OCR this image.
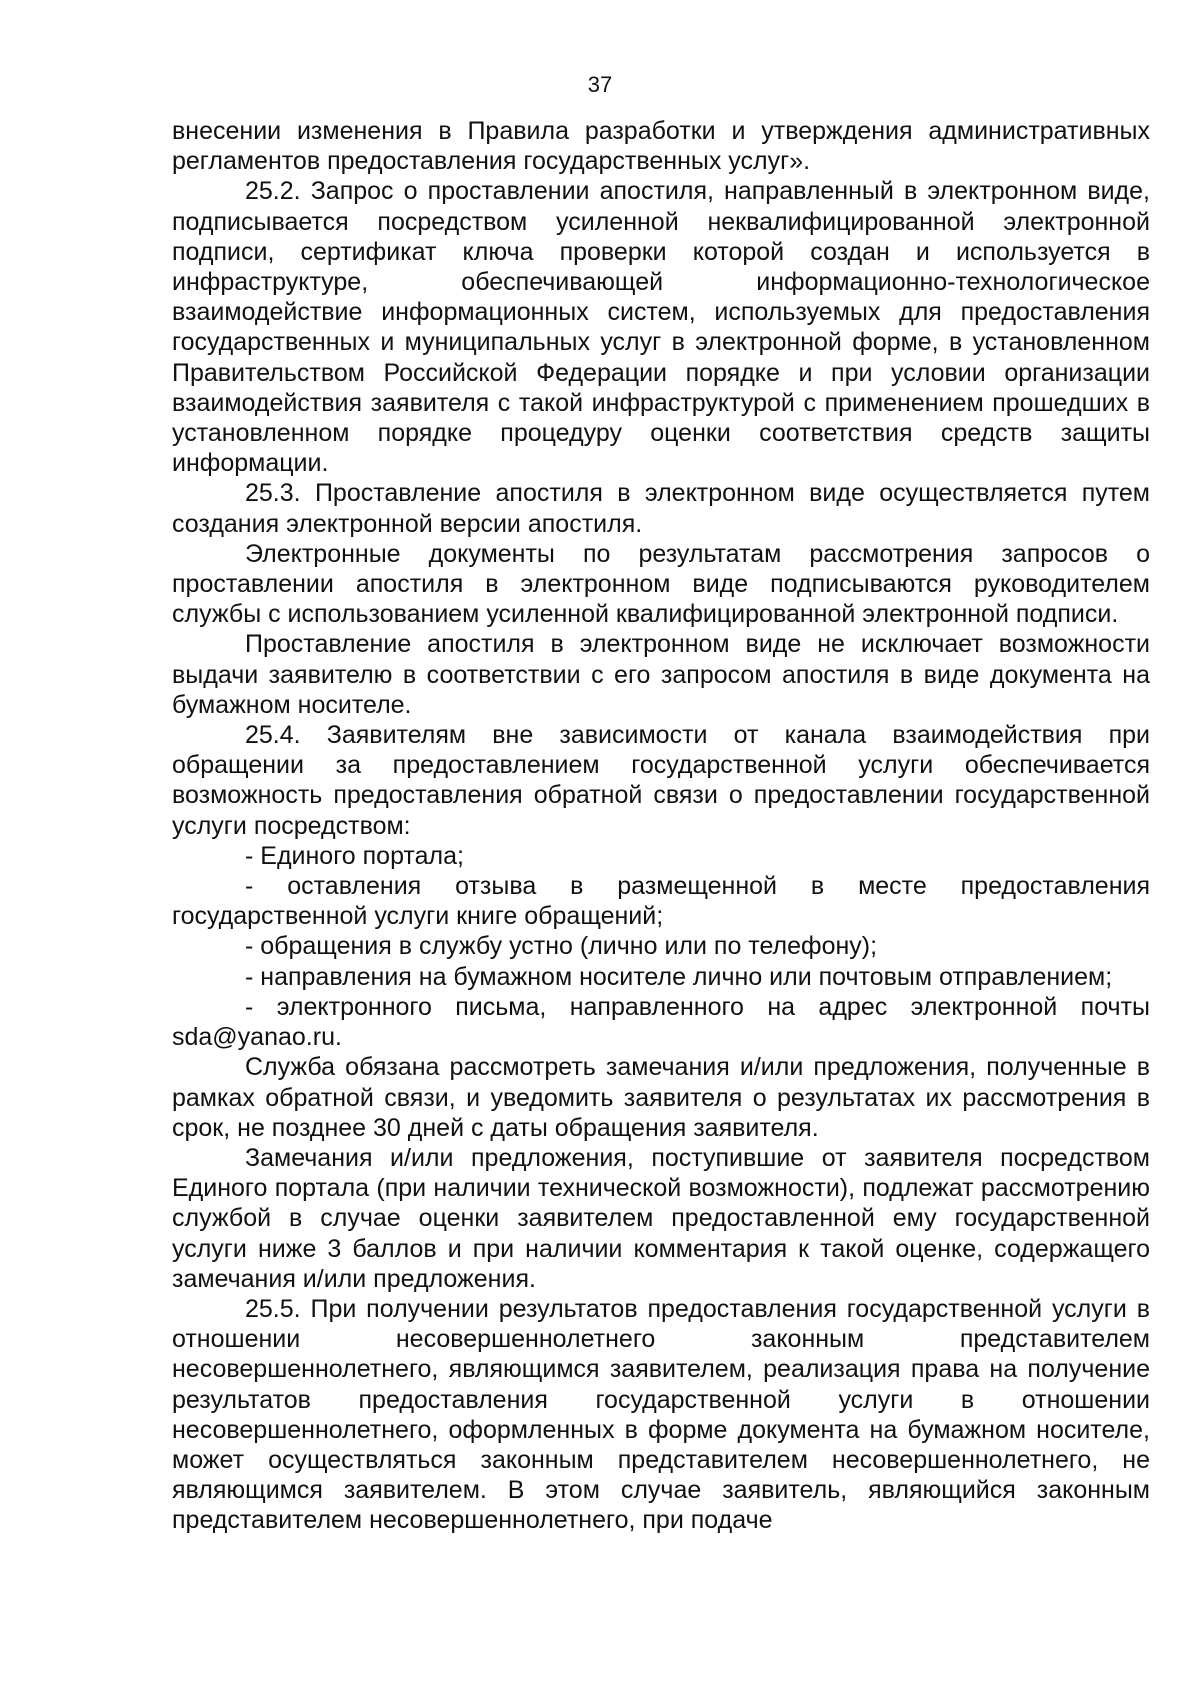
37

внесении изменения в Правила разработки и утверждения административных регламентов предоставления государственных услуг».

25.2. Запрос о проставлении апостиля, направленный в электронном виде, подписывается посредством усиленной неквалифицированной электронной подписи, сертификат ключа проверки которой создан и используется в инфраструктуре, обеспечивающей информационно-технологическое взаимодействие информационных систем, используемых для предоставления государственных и муниципальных услуг в электронной форме, в установленном Правительством Российской Федерации порядке и при условии организации взаимодействия заявителя с такой инфраструктурой с применением прошедших в установленном порядке процедуру оценки соответствия средств защиты информации.

25.3. Проставление апостиля в электронном виде осуществляется путем создания электронной версии апостиля.

Электронные документы по результатам рассмотрения запросов о проставлении апостиля в электронном виде подписываются руководителем службы с использованием усиленной квалифицированной электронной подписи.

Проставление апостиля в электронном виде не исключает возможности выдачи заявителю в соответствии с его запросом апостиля в виде документа на бумажном носителе.

25.4. Заявителям вне зависимости от канала взаимодействия при обращении за предоставлением государственной услуги обеспечивается возможность предоставления обратной связи о предоставлении государственной услуги посредством:

- Единого портала;

- оставления отзыва в размещенной в месте предоставления государственной услуги книге обращений;

- обращения в службу устно (лично или по телефону);

- направления на бумажном носителе лично или почтовым отправлением;

- электронного письма, направленного на адрес электронной почты sda@yanao.ru.

Служба обязана рассмотреть замечания и/или предложения, полученные в рамках обратной связи, и уведомить заявителя о результатах их рассмотрения в срок, не позднее 30 дней с даты обращения заявителя.

Замечания и/или предложения, поступившие от заявителя посредством Единого портала (при наличии технической возможности), подлежат рассмотрению службой в случае оценки заявителем предоставленной ему государственной услуги ниже 3 баллов и при наличии комментария к такой оценке, содержащего замечания и/или предложения.

25.5. При получении результатов предоставления государственной услуги в отношении несовершеннолетнего законным представителем несовершеннолетнего, являющимся заявителем, реализация права на получение результатов предоставления государственной услуги в отношении несовершеннолетнего, оформленных в форме документа на бумажном носителе, может осуществляться законным представителем несовершеннолетнего, не являющимся заявителем. В этом случае заявитель, являющийся законным представителем несовершеннолетнего, при подаче
